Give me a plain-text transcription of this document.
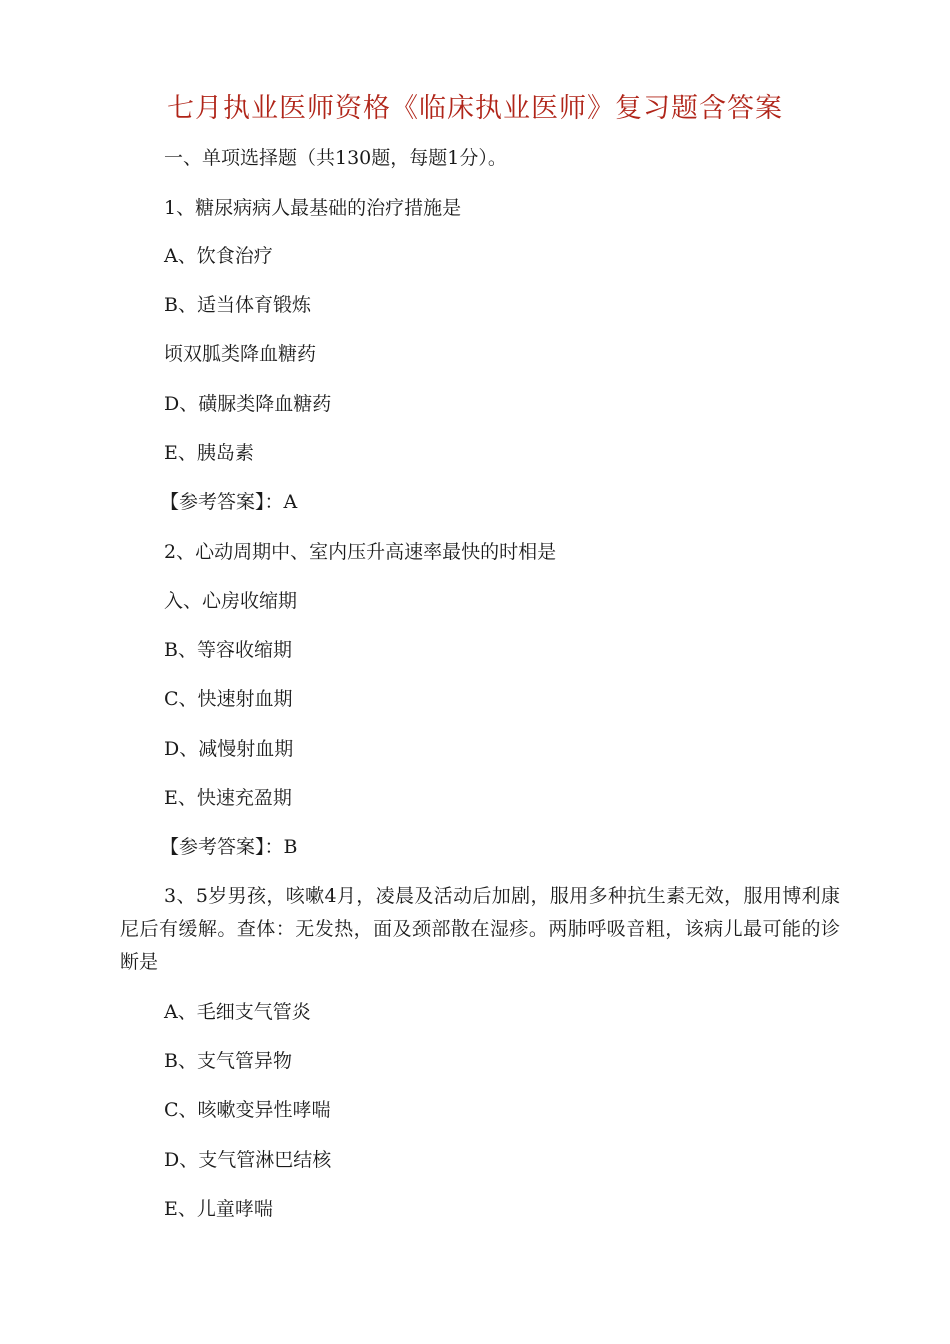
七月执业医师资格《临床执业医师》复习题含答案
一、单项选择题（共130题，每题1分）。
1、糖尿病病人最基础的治疗措施是
A、饮食治疗
B、适当体育锻炼
顷双胍类降血糖药
D、磺脲类降血糖药
E、胰岛素
【参考答案】：A
2、心动周期中、室内压升高速率最快的时相是
入、心房收缩期
B、等容收缩期
C、快速射血期
D、减慢射血期
E、快速充盈期
【参考答案】：B
3、5岁男孩，咳嗽4月，凌晨及活动后加剧，服用多种抗生素无效，服用博利康尼后有缓解。查体：无发热，面及颈部散在湿疹。两肺呼吸音粗，该病儿最可能的诊断是
A、毛细支气管炎
B、支气管异物
C、咳嗽变异性哮喘
D、支气管淋巴结核
E、儿童哮喘
